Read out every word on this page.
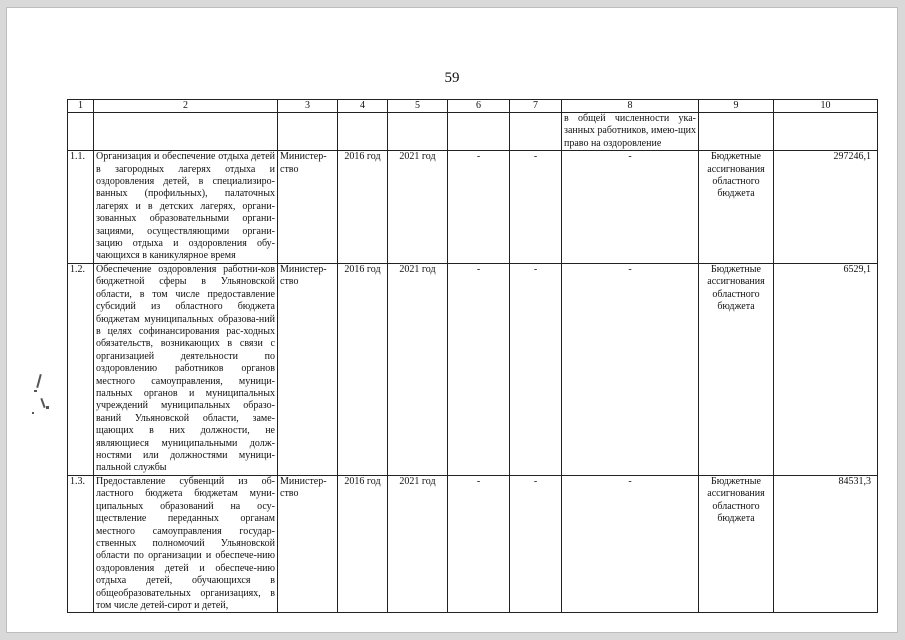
59
1	2	3	4	5	6	7	8	9	10
							в общей численности ука-занных работников, имею-щих право на оздоровление		
1.1.	Организация и обеспечение отдыха детей в загородных лагерях отдыха и оздоровления детей, в специализиро-ванных (профильных), палаточных лагерях и в детских лагерях, органи-зованных образовательными органи-зациями, осуществляющими органи-зацию отдыха и оздоровления обу-чающихся в каникулярное время	Министер-ство	2016 год	2021 год	-	-	-	Бюджетные ассигнования областного бюджета	297246,1
1.2.	Обеспечение оздоровления работни-ков бюджетной сферы в Ульяновской области, в том числе предоставление субсидий из областного бюджета бюджетам муниципальных образова-ний в целях софинансирования рас-ходных обязательств, возникающих в связи с организацией деятельности по оздоровлению работников органов местного самоуправления, муници-пальных органов и муниципальных учреждений муниципальных образо-ваний Ульяновской области, заме-щающих в них должности, не являющиеся муниципальными долж-ностями или должностями муници-пальной службы	Министер-ство	2016 год	2021 год	-	-	-	Бюджетные ассигнования областного бюджета	6529,1
1.3.	Предоставление субвенций из об-ластного бюджета бюджетам муни-ципальных образований на осу-ществление переданных органам местного самоуправления государ-ственных полномочий Ульяновской области по организации и обеспече-нию оздоровления детей и обеспече-нию отдыха детей, обучающихся в общеобразовательных организациях, в том числе детей-сирот и детей,	Министер-ство	2016 год	2021 год	-	-	-	Бюджетные ассигнования областного бюджета	84531,3
